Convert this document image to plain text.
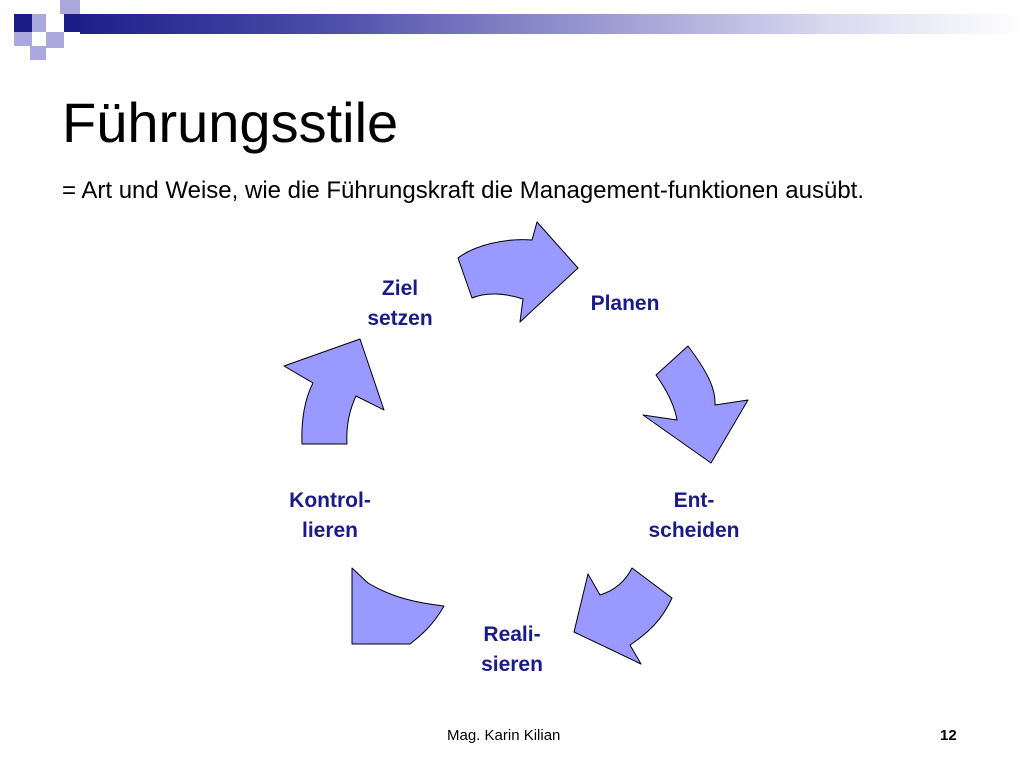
Führungsstile

= Art und Weise, wie die Führungskraft die Management-funktionen ausübt.

Ziel
setzen
Planen
Ent-
scheiden
Reali-
sieren
Kontrol-
lieren
Mag. Karin Kilian	12
